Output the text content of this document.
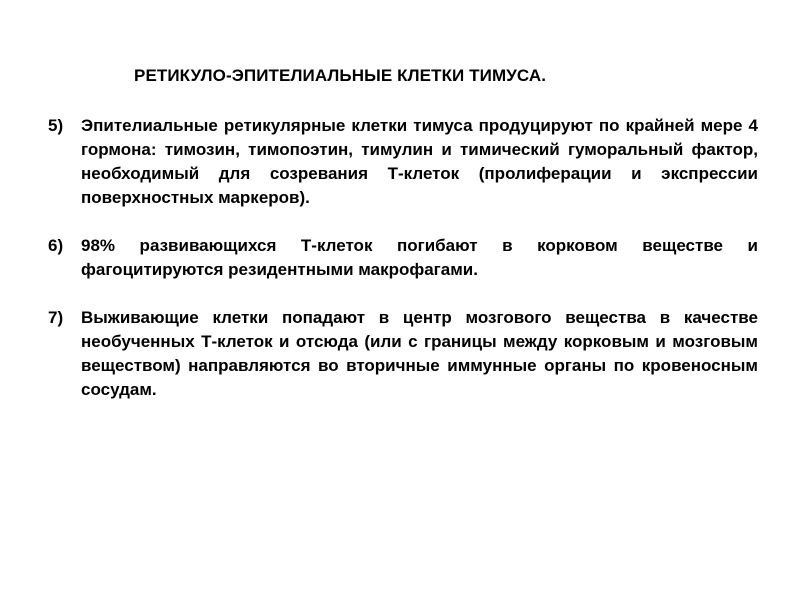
РЕТИКУЛО-ЭПИТЕЛИАЛЬНЫЕ КЛЕТКИ ТИМУСА.
5)	Эпителиальные ретикулярные клетки тимуса продуцируют по крайней мере 4 гормона: тимозин, тимопоэтин, тимулин и тимический гуморальный фактор, необходимый для созревания Т-клеток (пролиферации и экспрессии поверхностных маркеров).
6)	98% развивающихся Т-клеток погибают в корковом веществе и фагоцитируются резидентными макрофагами.
7)	Выживающие клетки попадают в центр мозгового вещества в качестве необученных Т-клеток и отсюда (или с границы между корковым и мозговым веществом) направляются во вторичные иммунные органы по кровеносным сосудам.
